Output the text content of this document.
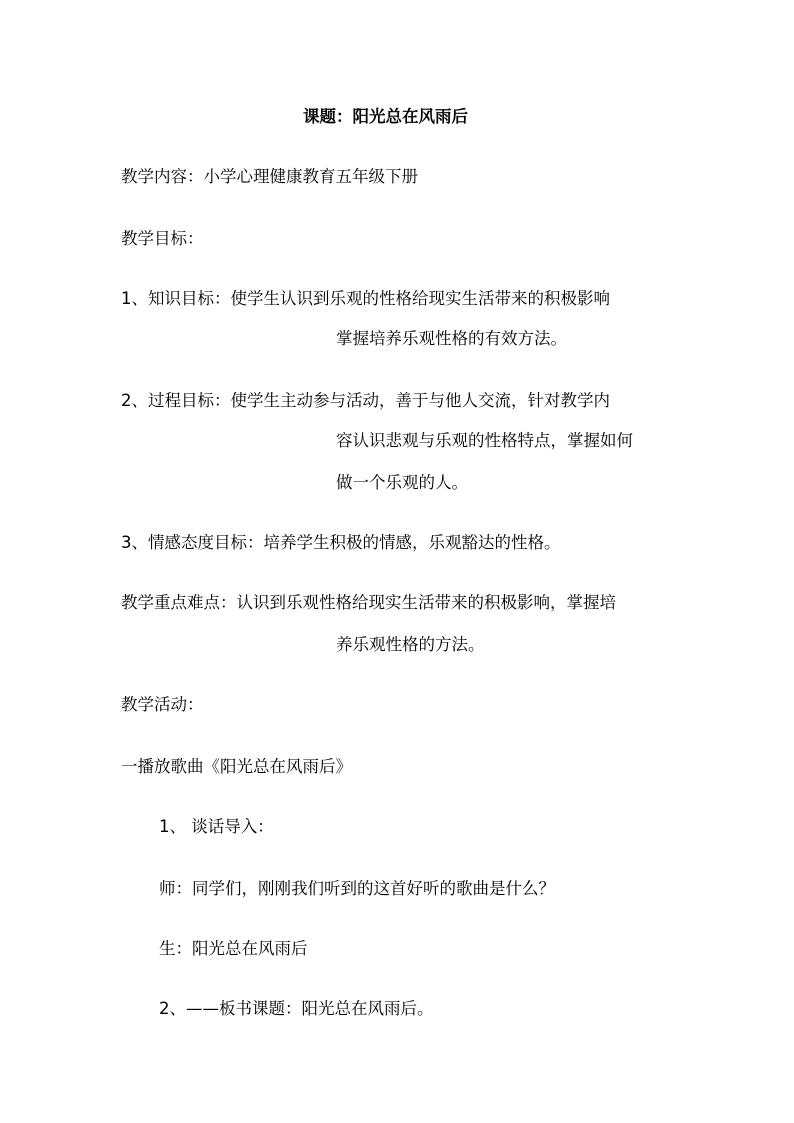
课题：阳光总在风雨后
教学内容：小学心理健康教育五年级下册
教学目标：
1、知识目标：使学生认识到乐观的性格给现实生活带来的积极影响
掌握培养乐观性格的有效方法。
2、过程目标：使学生主动参与活动，善于与他人交流，针对教学内
容认识悲观与乐观的性格特点，掌握如何
做一个乐观的人。
3、情感态度目标：培养学生积极的情感，乐观豁达的性格。
教学重点难点：认识到乐观性格给现实生活带来的积极影响，掌握培
养乐观性格的方法。
教学活动：
一播放歌曲《阳光总在风雨后》
1、 谈话导入：
师：同学们，刚刚我们听到的这首好听的歌曲是什么？
生：阳光总在风雨后
2、——板书课题：阳光总在风雨后。
